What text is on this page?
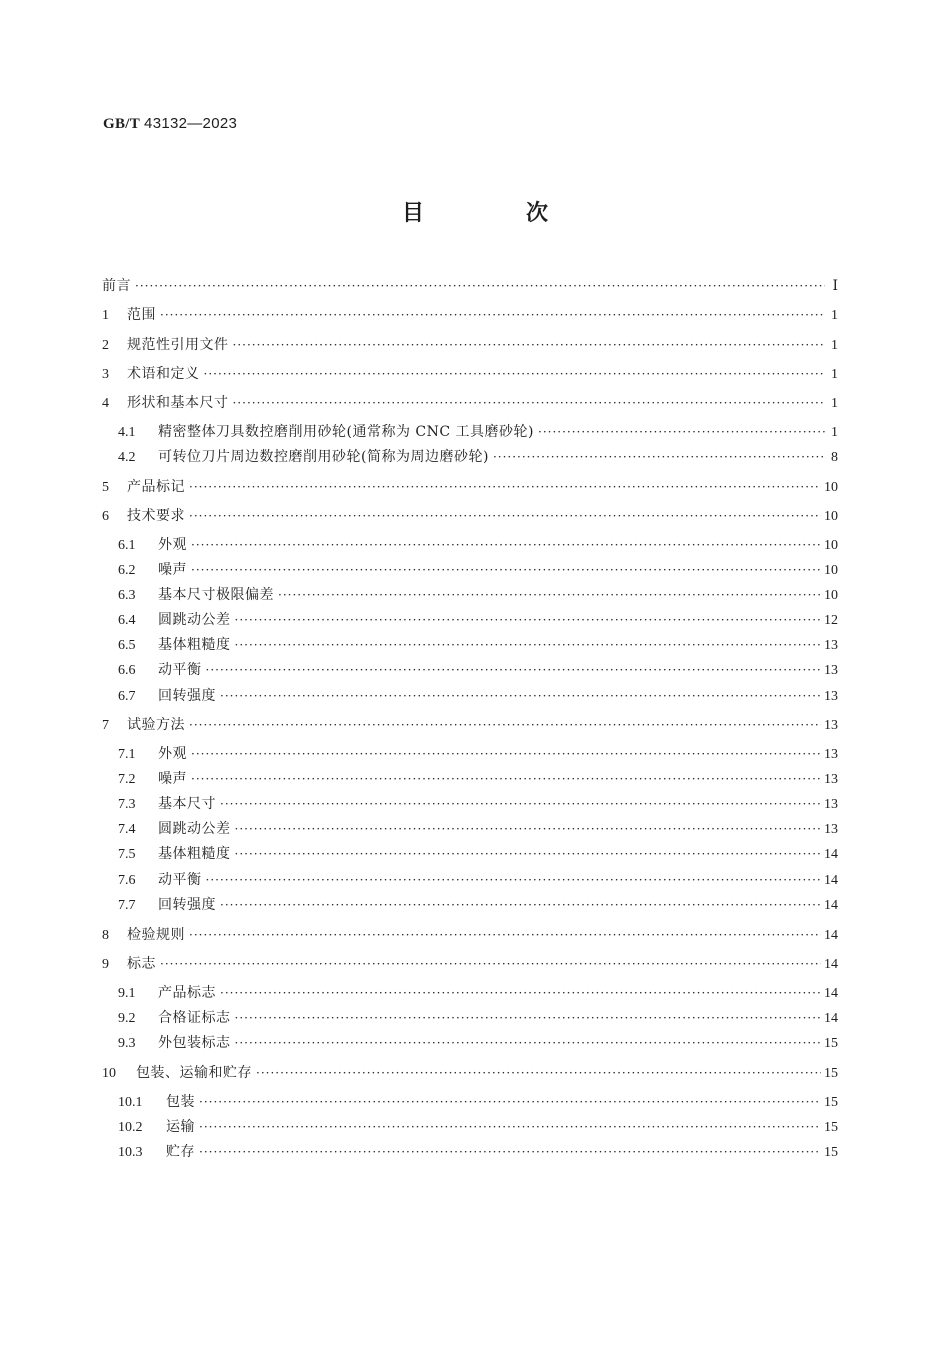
GB/T 43132—2023
目　次
前言 ·····	Ⅰ
1	范围 ·····	1
2	规范性引用文件 ·····	1
3	术语和定义 ·····	1
4	形状和基本尺寸 ·····	1
4.1	精密整体刀具数控磨削用砂轮(通常称为 CNC 工具磨砂轮) ·····	1
4.2	可转位刀片周边数控磨削用砂轮(简称为周边磨砂轮) ·····	8
5	产品标记 ·····	10
6	技术要求 ·····	10
6.1	外观 ·····	10
6.2	噪声 ·····	10
6.3	基本尺寸极限偏差 ·····	10
6.4	圆跳动公差 ·····	12
6.5	基体粗糙度 ·····	13
6.6	动平衡 ·····	13
6.7	回转强度 ·····	13
7	试验方法 ·····	13
7.1	外观 ·····	13
7.2	噪声 ·····	13
7.3	基本尺寸 ·····	13
7.4	圆跳动公差 ·····	13
7.5	基体粗糙度 ·····	14
7.6	动平衡 ·····	14
7.7	回转强度 ·····	14
8	检验规则 ·····	14
9	标志 ·····	14
9.1	产品标志 ·····	14
9.2	合格证标志 ·····	14
9.3	外包装标志 ·····	15
10	包装、运输和贮存 ·····	15
10.1	包装 ·····	15
10.2	运输 ·····	15
10.3	贮存 ·····	15
